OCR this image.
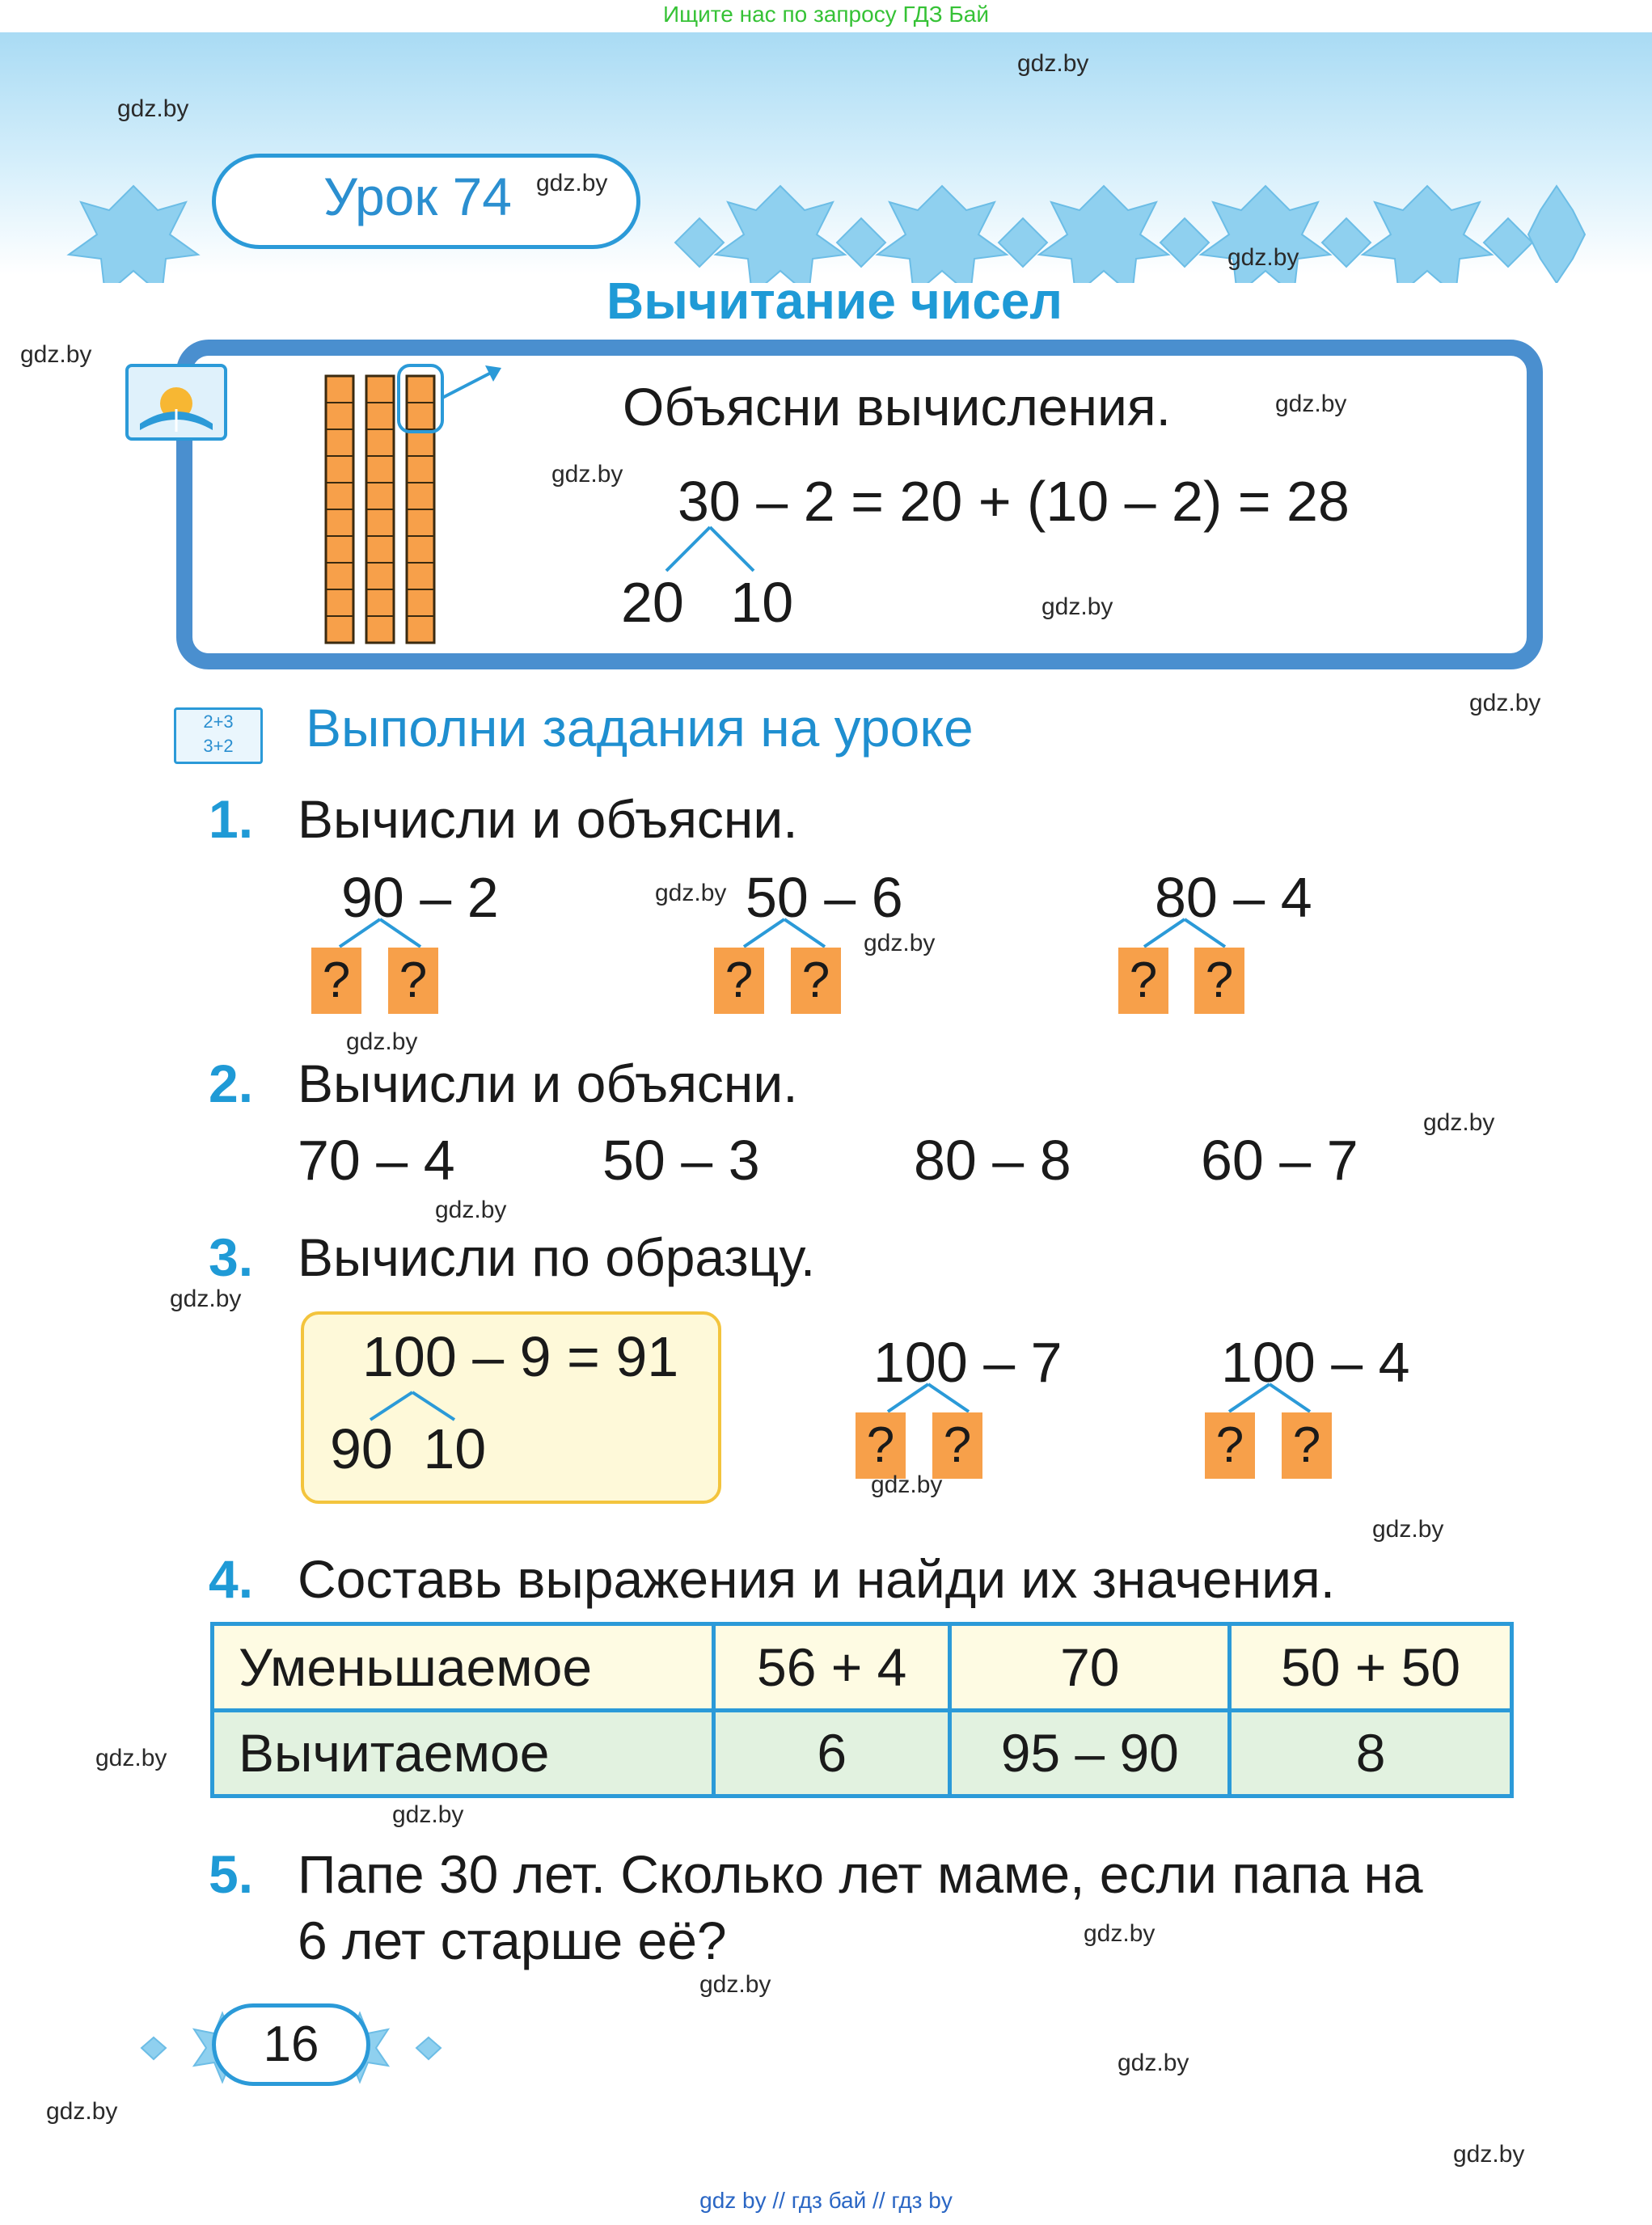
Ищите нас по запросу ГДЗ Бай
Урок 74
Вычитание чисел
Объясни вычисления.
30 – 2 = 20 + (10 – 2) = 28
20 10
2+3
3+2	Выполни задания на уроке
1. Вычисли и объясни.
90 – 2	50 – 6	80 – 4
? ?	? ?	? ?
2. Вычисли и объясни.
70 – 4	50 – 3	80 – 8 60 – 7
3. Вычисли по образцу.
100 – 9 = 91
90 10
100 – 7	100 – 4
? ?	? ?
4. Составь выражения и найди их значения.
Уменьшаемое	56 + 4	70	50 + 50
Вычитаемое	6	95 – 90	8
5. Папе 30 лет. Сколько лет маме, если папа на
6 лет старше её?
16
gdz.by
gdz.by
gdz.by
gdz.by
gdz.by
gdz.by
gdz.by
gdz.by
gdz.by
gdz.by
gdz.by
gdz.by
gdz.by
gdz.by
gdz.by
gdz.by
gdz.by
gdz.by
gdz.by
gdz.by
gdz.by
gdz.by
gdz.by
gdz.by
gdz by // гдз бай // гдз by
